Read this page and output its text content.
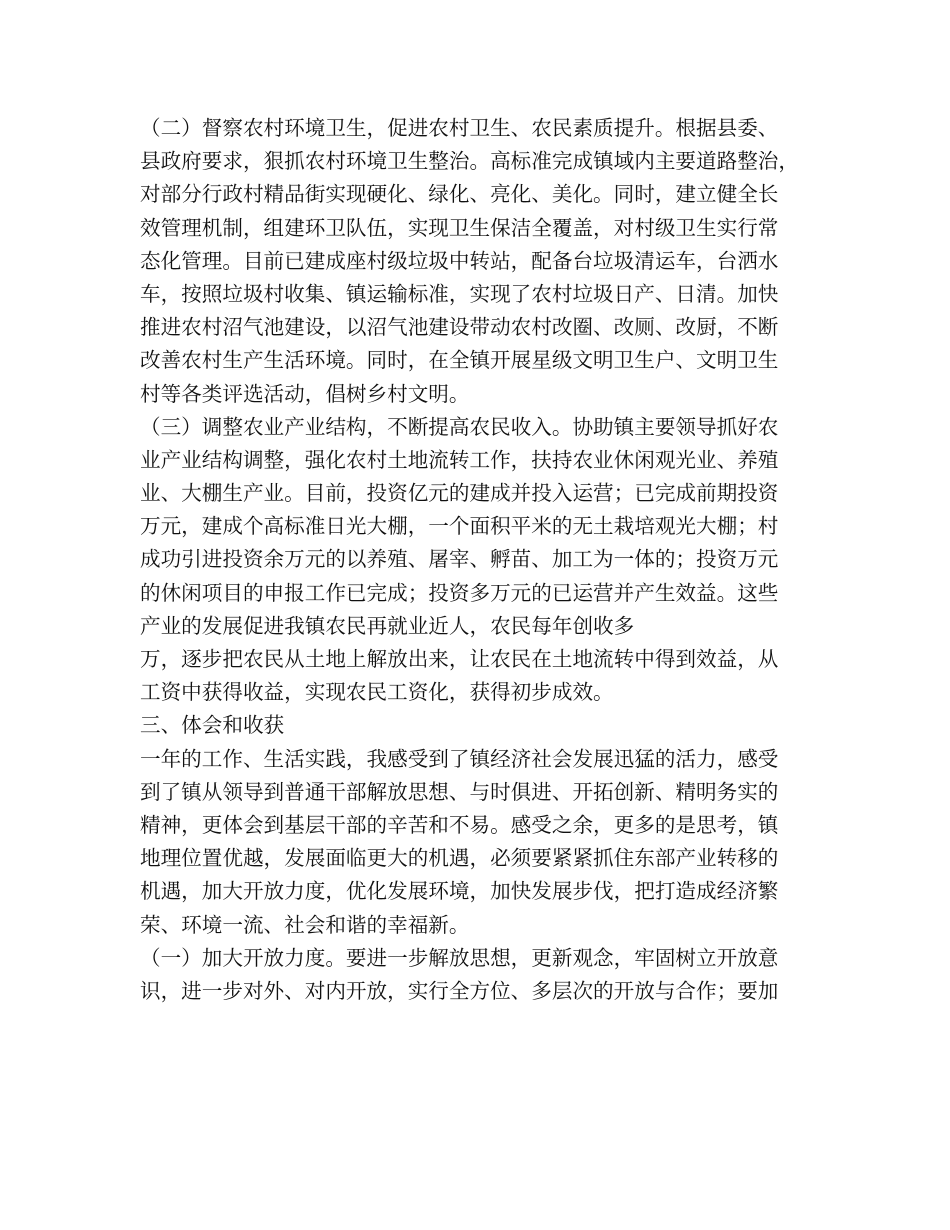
（二）督察农村环境卫生，促进农村卫生、农民素质提升。根据县委、
县政府要求，狠抓农村环境卫生整治。高标准完成镇域内主要道路整治，
对部分行政村精品街实现硬化、绿化、亮化、美化。同时，建立健全长
效管理机制，组建环卫队伍，实现卫生保洁全覆盖，对村级卫生实行常
态化管理。目前已建成座村级垃圾中转站，配备台垃圾清运车，台洒水
车，按照垃圾村收集、镇运输标准，实现了农村垃圾日产、日清。加快
推进农村沼气池建设，以沼气池建设带动农村改圈、改厕、改厨，不断
改善农村生产生活环境。同时，在全镇开展星级文明卫生户、文明卫生
村等各类评选活动，倡树乡村文明。
（三）调整农业产业结构，不断提高农民收入。协助镇主要领导抓好农
业产业结构调整，强化农村土地流转工作，扶持农业休闲观光业、养殖
业、大棚生产业。目前，投资亿元的建成并投入运营；已完成前期投资
万元，建成个高标准日光大棚，一个面积平米的无土栽培观光大棚；村
成功引进投资余万元的以养殖、屠宰、孵苗、加工为一体的；投资万元
的休闲项目的申报工作已完成；投资多万元的已运营并产生效益。这些
产业的发展促进我镇农民再就业近人，农民每年创收多
万，逐步把农民从土地上解放出来，让农民在土地流转中得到效益，从
工资中获得收益，实现农民工资化，获得初步成效。
三、体会和收获
一年的工作、生活实践，我感受到了镇经济社会发展迅猛的活力，感受
到了镇从领导到普通干部解放思想、与时俱进、开拓创新、精明务实的
精神，更体会到基层干部的辛苦和不易。感受之余，更多的是思考，镇
地理位置优越，发展面临更大的机遇，必须要紧紧抓住东部产业转移的
机遇，加大开放力度，优化发展环境，加快发展步伐，把打造成经济繁
荣、环境一流、社会和谐的幸福新。
（一）加大开放力度。要进一步解放思想，更新观念，牢固树立开放意
识，进一步对外、对内开放，实行全方位、多层次的开放与合作；要加
